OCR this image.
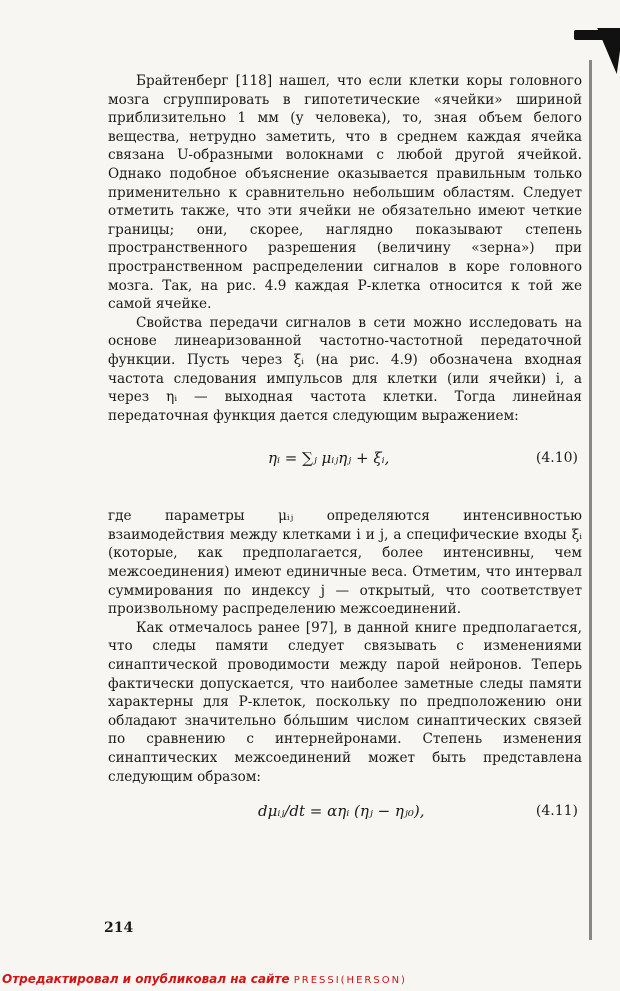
Брайтенберг [118] нашел, что если клетки коры головного мозга сгруппировать в гипотетические «ячейки» шириной приблизительно 1 мм (у человека), то, зная объем белого вещества, нетрудно заметить, что в среднем каждая ячейка связана U-образными волокнами с любой другой ячейкой. Однако подобное объяснение оказывается правильным только применительно к сравнительно небольшим областям. Следует отметить также, что эти ячейки не обязательно имеют четкие границы; они, скорее, наглядно показывают степень пространственного разрешения (величину «зерна») при пространственном распределении сигналов в коре головного мозга. Так, на рис. 4.9 каждая Р-клетка относится к той же самой ячейке.

Свойства передачи сигналов в сети можно исследовать на основе линеаризованной частотно-частотной передаточной функции. Пусть через ξᵢ (на рис. 4.9) обозначена входная частота следования импульсов для клетки (или ячейки) i, а через ηᵢ — выходная частота клетки. Тогда линейная передаточная функция дается следующим выражением:

ηᵢ = ∑ⱼ μᵢⱼηⱼ + ξᵢ,	(4.10)

где параметры μᵢⱼ определяются интенсивностью взаимодействия между клетками i и j, а специфические входы ξᵢ (которые, как предполагается, более интенсивны, чем межсоединения) имеют единичные веса. Отметим, что интервал суммирования по индексу j — открытый, что соответствует произвольному распределению межсоединений.

Как отмечалось ранее [97], в данной книге предполагается, что следы памяти следует связывать с изменениями синаптической проводимости между парой нейронов. Теперь фактически допускается, что наиболее заметные следы памяти характерны для Р-клеток, поскольку по предположению они обладают значительно бо́льшим числом синаптических связей по сравнению с интернейронами. Степень изменения синаптических межсоединений может быть представлена следующим образом:

dμᵢⱼ/dt = αηᵢ (ηⱼ − ηⱼ₀),	(4.11)
214
Отредактировал и опубликовал на сайте PRESSI(HERSON)
